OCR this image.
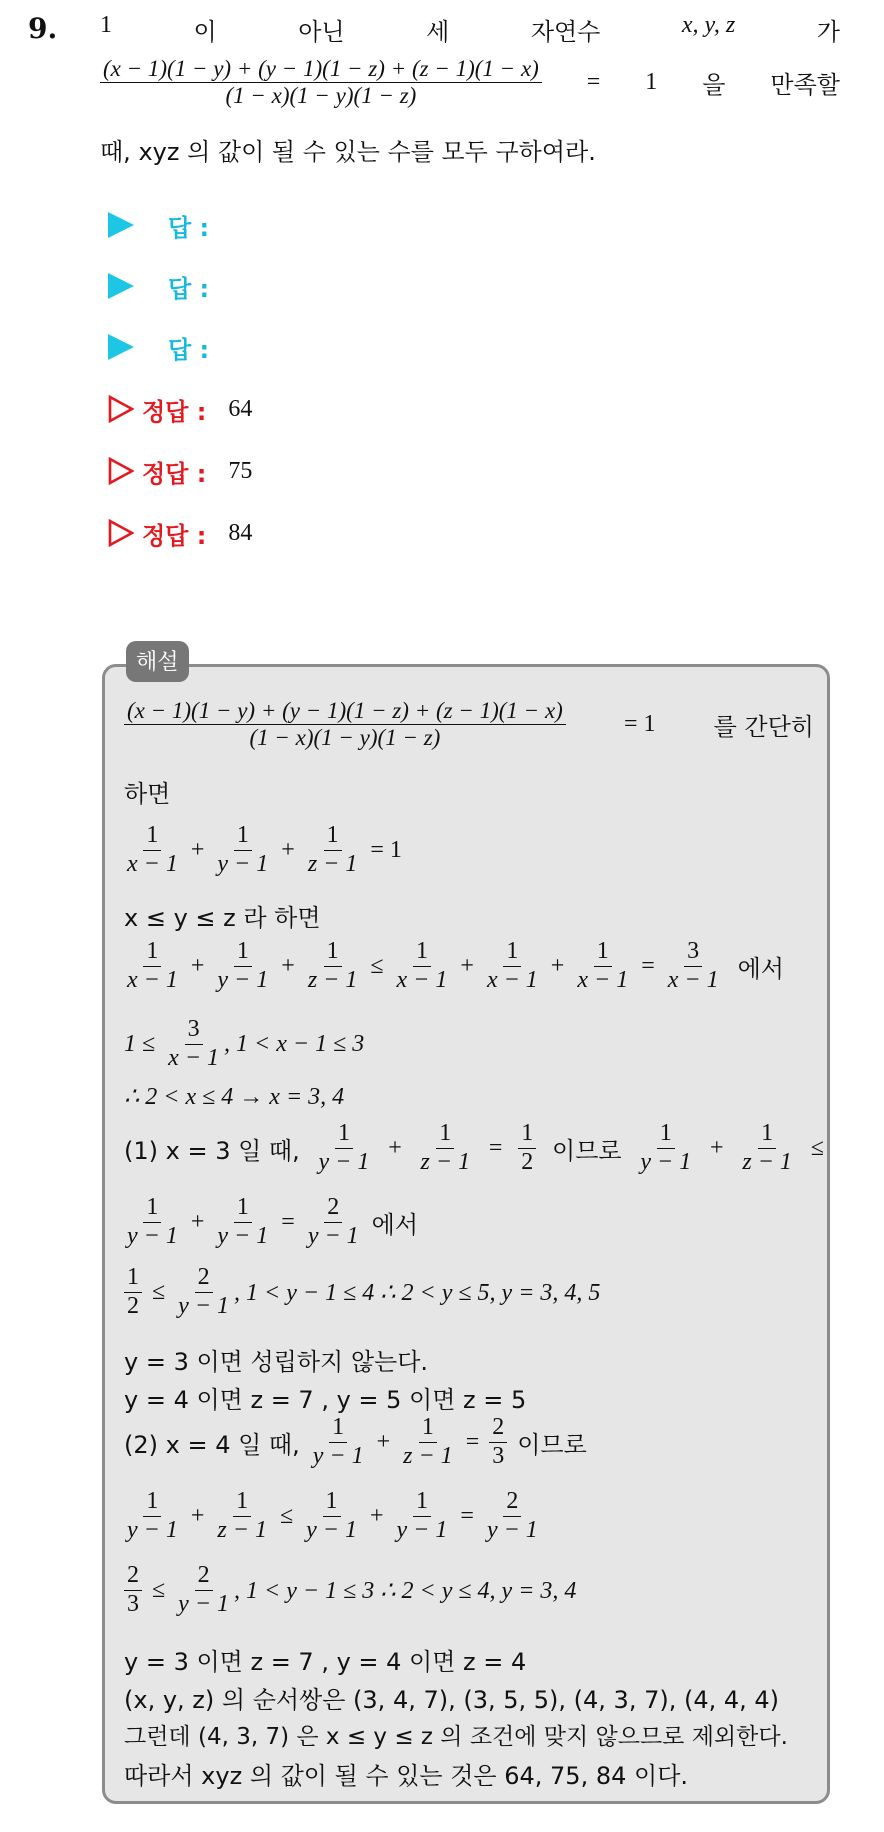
9. 1	이	아닌	세	자연수	x, y, z	가
$\frac{(x - 1)(1 - y) + (y - 1)(1 - z) + (z - 1)(1 - x)}{(1 - x)(1 - y)(1 - z)} = 1$ 을 만족할
때, xyz 의 값이 될 수 있는 수를 모두 구하여라.
답 :
답 :
답 :
정답 : 64
정답 : 75
정답 : 84
해설
$\frac{(x - 1)(1 - y) + (y - 1)(1 - z) + (z - 1)(1 - x)}{(1 - x)(1 - y)(1 - z)} = 1$ 를 간단히
하면
$\frac{1}{x - 1} + \frac{1}{y - 1} + \frac{1}{z - 1} = 1$
x ≤ y ≤ z 라 하면
$\frac{1}{x - 1} + \frac{1}{y - 1} + \frac{1}{z - 1} \le \frac{1}{x - 1} + \frac{1}{x - 1} + \frac{1}{x - 1} = \frac{3}{x - 1}$ 에서
$1 \le \frac{3}{x - 1}$ , 1 < x − 1 ≤ 3
∴ 2 < x ≤ 4 → x = 3, 4
(1) x = 3 일 때, $\frac{1}{y - 1} + \frac{1}{z - 1} = \frac{1}{2}$ 이므로 $\frac{1}{y - 1} + \frac{1}{z - 1}$ ≤
$\frac{1}{y - 1} + \frac{1}{y - 1} = \frac{2}{y - 1}$ 에서
$\frac{1}{2} \le \frac{2}{y - 1}$ , 1 < y − 1 ≤ 4 ∴ 2 < y ≤ 5, y = 3, 4, 5
y = 3 이면 성립하지 않는다.
y = 4 이면 z = 7 , y = 5 이면 z = 5
(2) x = 4 일 때, $\frac{1}{y - 1} + \frac{1}{z - 1} = \frac{2}{3}$ 이므로
$\frac{1}{y - 1} + \frac{1}{z - 1} \le \frac{1}{y - 1} + \frac{1}{y - 1} = \frac{2}{y - 1}$
$\frac{2}{3} \le \frac{2}{y - 1}$ , 1 < y − 1 ≤ 3 ∴ 2 < y ≤ 4, y = 3, 4
y = 3 이면 z = 7 , y = 4 이면 z = 4
(x, y, z) 의 순서쌍은 (3, 4, 7), (3, 5, 5), (4, 3, 7), (4, 4, 4)
그런데 (4, 3, 7) 은 x ≤ y ≤ z 의 조건에 맞지 않으므로 제외한다.
따라서 xyz 의 값이 될 수 있는 것은 64, 75, 84 이다.
